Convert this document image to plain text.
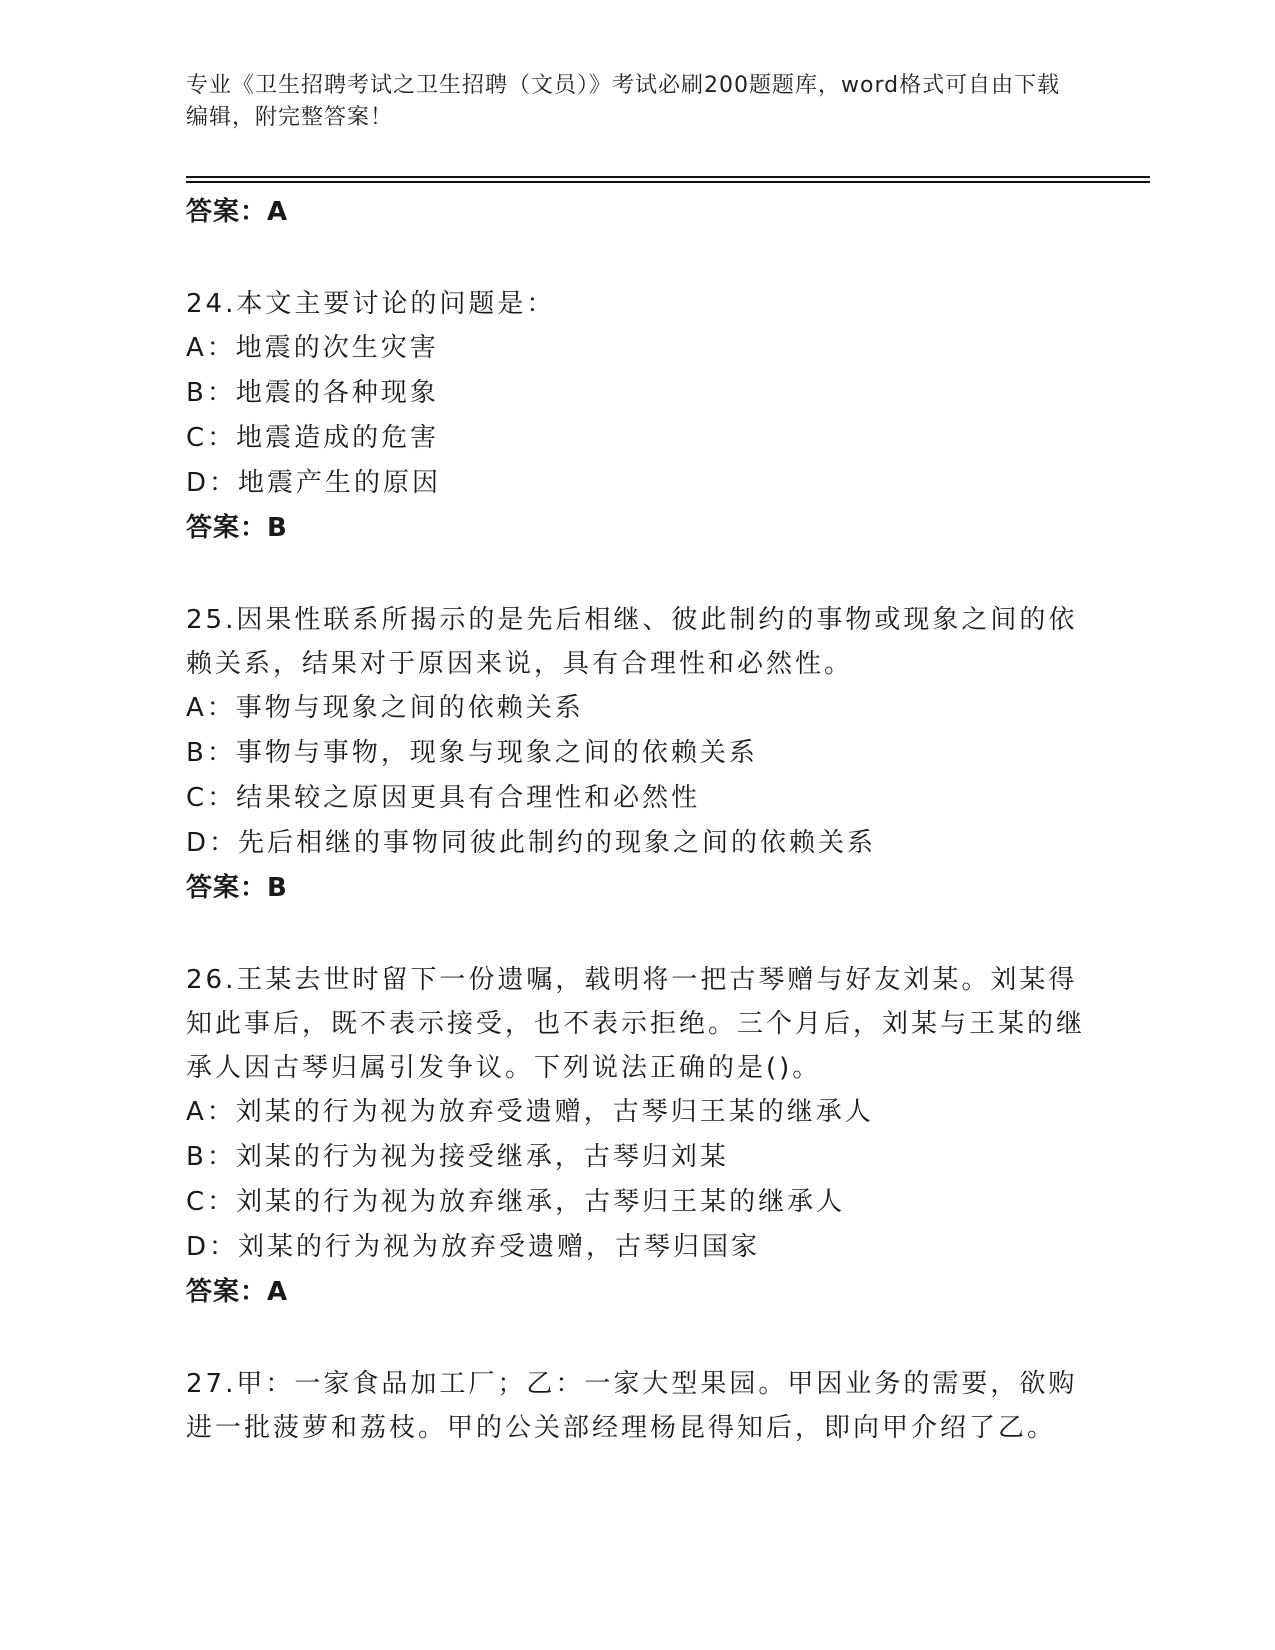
专业《卫生招聘考试之卫生招聘（文员）》考试必刷200题题库，word格式可自由下载编辑，附完整答案！

答案：A

24.本文主要讨论的问题是：

A：地震的次生灾害

B：地震的各种现象

C：地震造成的危害

D：地震产生的原因

答案：B

25.因果性联系所揭示的是先后相继、彼此制约的事物或现象之间的依赖关系，结果对于原因来说，具有合理性和必然性。

A：事物与现象之间的依赖关系

B：事物与事物，现象与现象之间的依赖关系

C：结果较之原因更具有合理性和必然性

D：先后相继的事物同彼此制约的现象之间的依赖关系

答案：B

26.王某去世时留下一份遗嘱，载明将一把古琴赠与好友刘某。刘某得知此事后，既不表示接受，也不表示拒绝。三个月后，刘某与王某的继承人因古琴归属引发争议。下列说法正确的是()。

A：刘某的行为视为放弃受遗赠，古琴归王某的继承人

B：刘某的行为视为接受继承，古琴归刘某

C：刘某的行为视为放弃继承，古琴归王某的继承人

D：刘某的行为视为放弃受遗赠，古琴归国家

答案：A

27.甲：一家食品加工厂；乙：一家大型果园。甲因业务的需要，欲购进一批菠萝和荔枝。甲的公关部经理杨昆得知后，即向甲介绍了乙。
